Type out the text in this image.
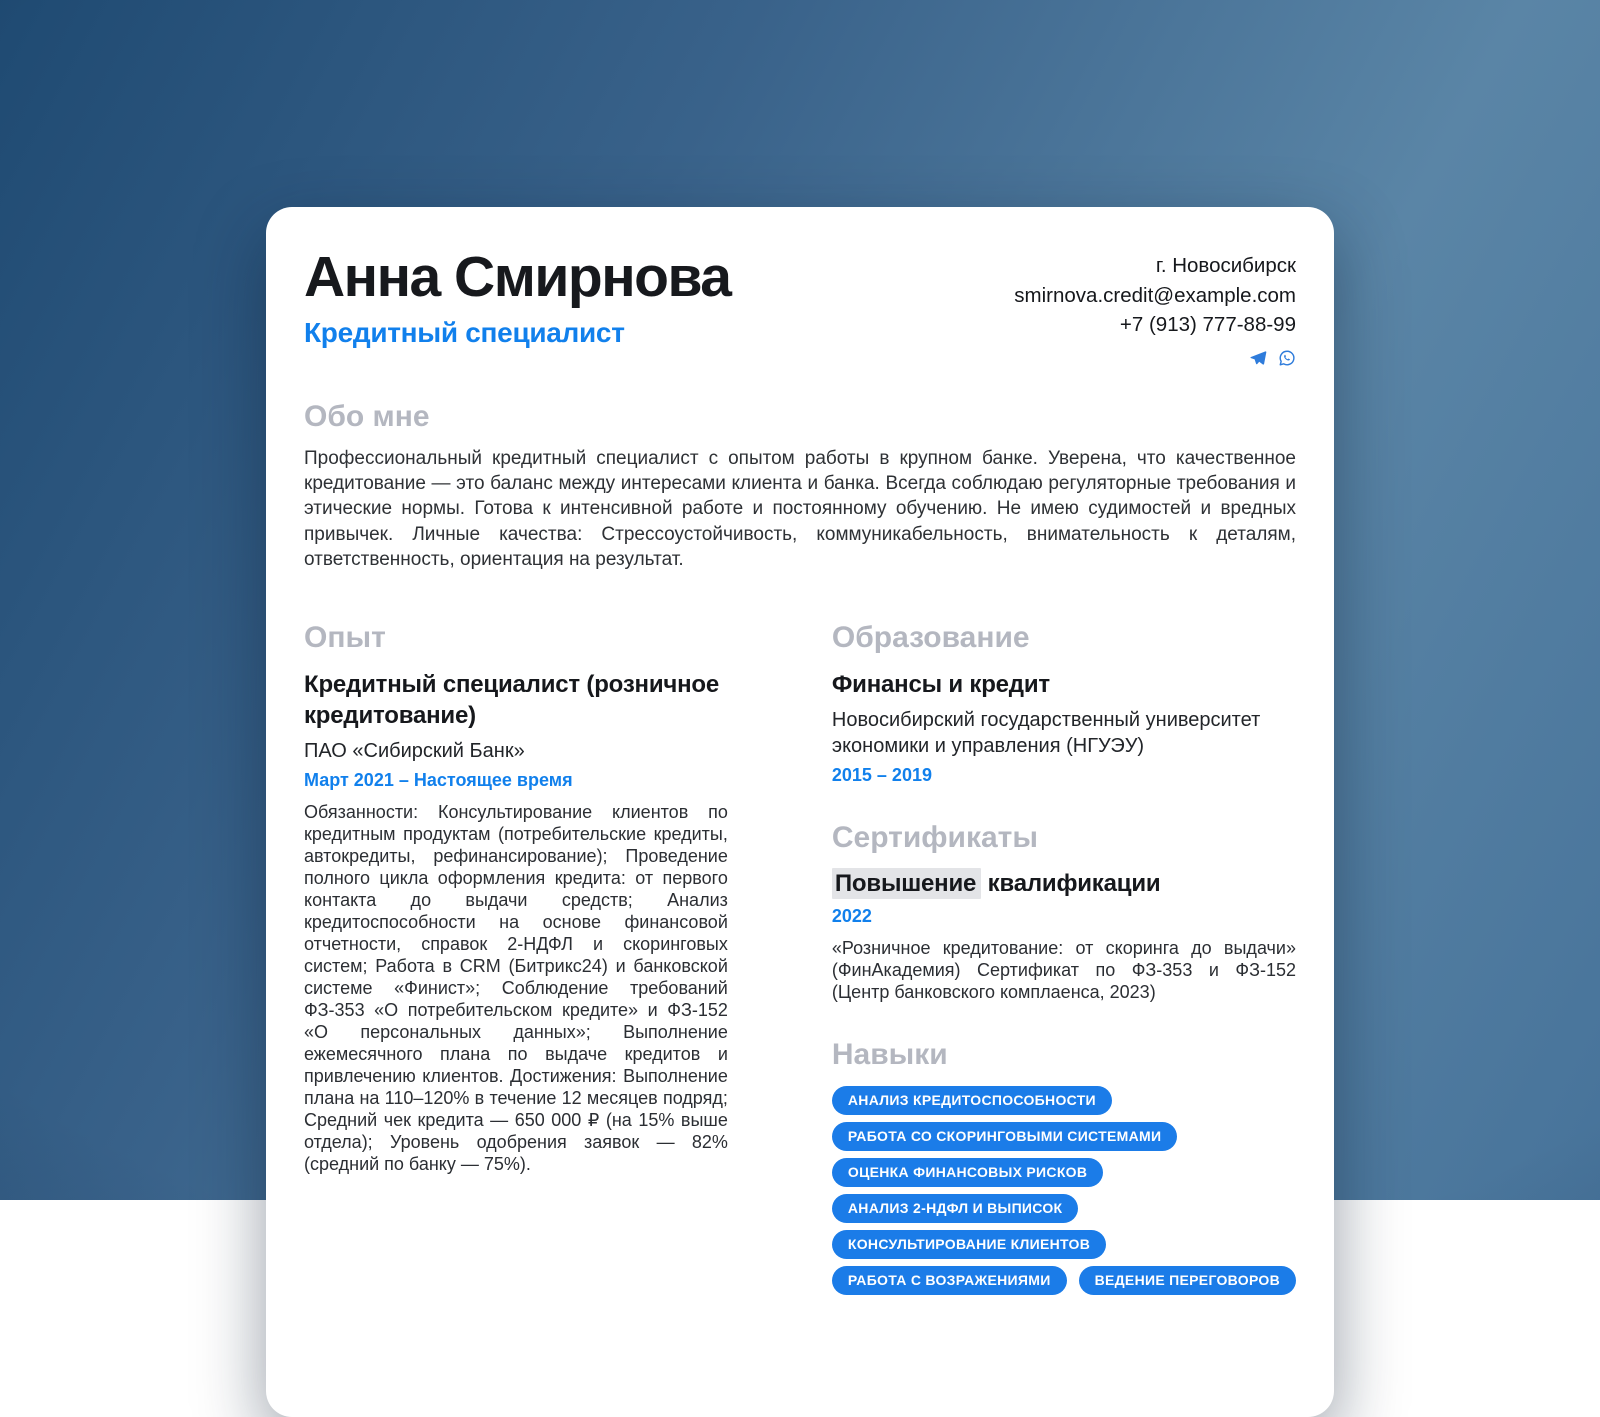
Анна Смирнова
Кредитный специалист
г. Новосибирск
smirnova.credit@example.com
+7 (913) 777-88-99
Обо мне

Профессиональный кредитный специалист с опытом работы в крупном банке. Уверена, что качественное кредитование — это баланс между интересами клиента и банка. Всегда соблюдаю регуляторные требования и этические нормы. Готова к интенсивной работе и постоянному обучению. Не имею судимостей и вредных привычек. Личные качества: Стрессоустойчивость, коммуникабельность, внимательность к деталям, ответственность, ориентация на результат.

Опыт
Кредитный специалист (розничное кредитование)
ПАО «Сибирский Банк»
Март 2021 – Настоящее время

Обязанности: Консультирование клиентов по кредитным продуктам (потребительские кредиты, автокредиты, рефинансирование); Проведение полного цикла оформления кредита: от первого контакта до выдачи средств; Анализ кредитоспособности на основе финансовой отчетности, справок 2-НДФЛ и скоринговых систем; Работа в CRM (Битрикс24) и банковской системе «Финист»; Соблюдение требований ФЗ-353 «О потребительском кредите» и ФЗ-152 «О персональных данных»; Выполнение ежемесячного плана по выдаче кредитов и привлечению клиентов. Достижения: Выполнение плана на 110–120% в течение 12 месяцев подряд; Средний чек кредита — 650 000 ₽ (на 15% выше отдела); Уровень одобрения заявок — 82% (средний по банку — 75%).

Образование
Финансы и кредит
Новосибирский государственный университет экономики и управления (НГУЭУ)
2015 – 2019
Сертификаты
Повышение квалификации
2022

«Розничное кредитование: от скоринга до выдачи» (ФинАкадемия) Сертификат по ФЗ-353 и ФЗ-152 (Центр банковского комплаенса, 2023)

Навыки
АНАЛИЗ КРЕДИТОСПОСОБНОСТИ
РАБОТА СО СКОРИНГОВЫМИ СИСТЕМАМИ
ОЦЕНКА ФИНАНСОВЫХ РИСКОВ
АНАЛИЗ 2-НДФЛ И ВЫПИСОК
КОНСУЛЬТИРОВАНИЕ КЛИЕНТОВ
РАБОТА С ВОЗРАЖЕНИЯМИ	ВЕДЕНИЕ ПЕРЕГОВОРОВ
